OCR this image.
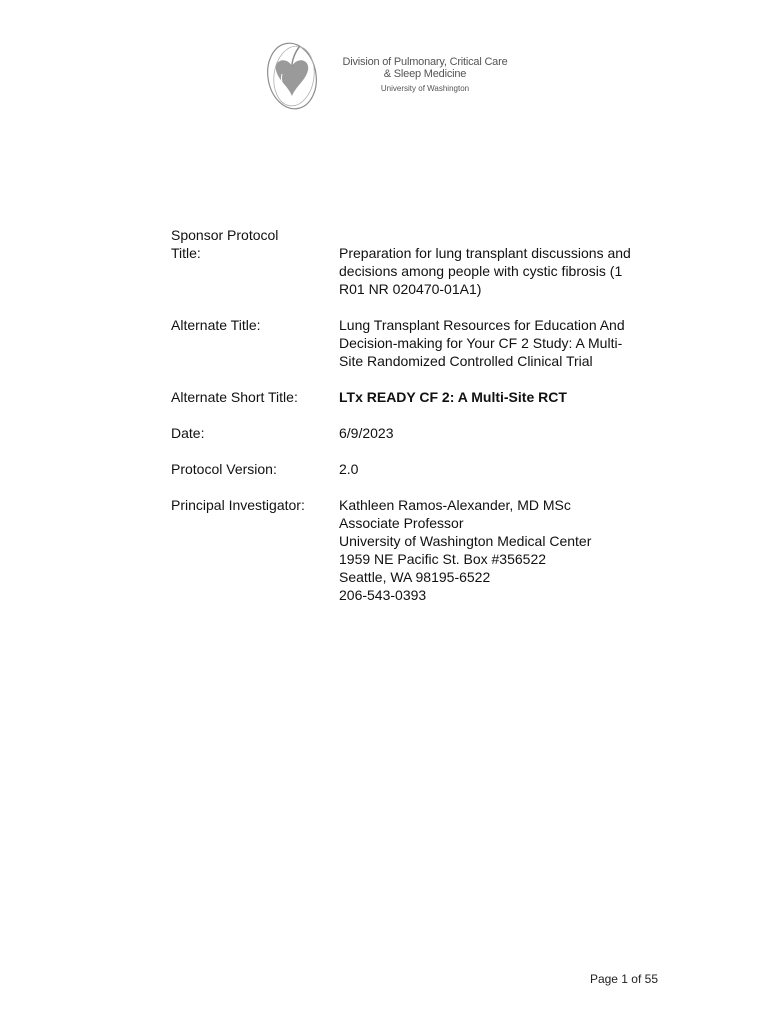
Division of Pulmonary, Critical Care
& Sleep Medicine
University of Washington
Sponsor Protocol
Title:	Preparation for lung transplant discussions and
decisions among people with cystic fibrosis (1
R01 NR 020470-01A1)
Alternate Title:	Lung Transplant Resources for Education And
Decision-making for Your CF 2 Study: A Multi-
Site Randomized Controlled Clinical Trial
Alternate Short Title:	LTx READY CF 2: A Multi-Site RCT
Date:	6/9/2023
Protocol Version:	2.0
Principal Investigator:	Kathleen Ramos-Alexander, MD MSc
Associate Professor
University of Washington Medical Center
1959 NE Pacific St. Box #356522
Seattle, WA 98195-6522
206-543-0393
Page 1 of 55
